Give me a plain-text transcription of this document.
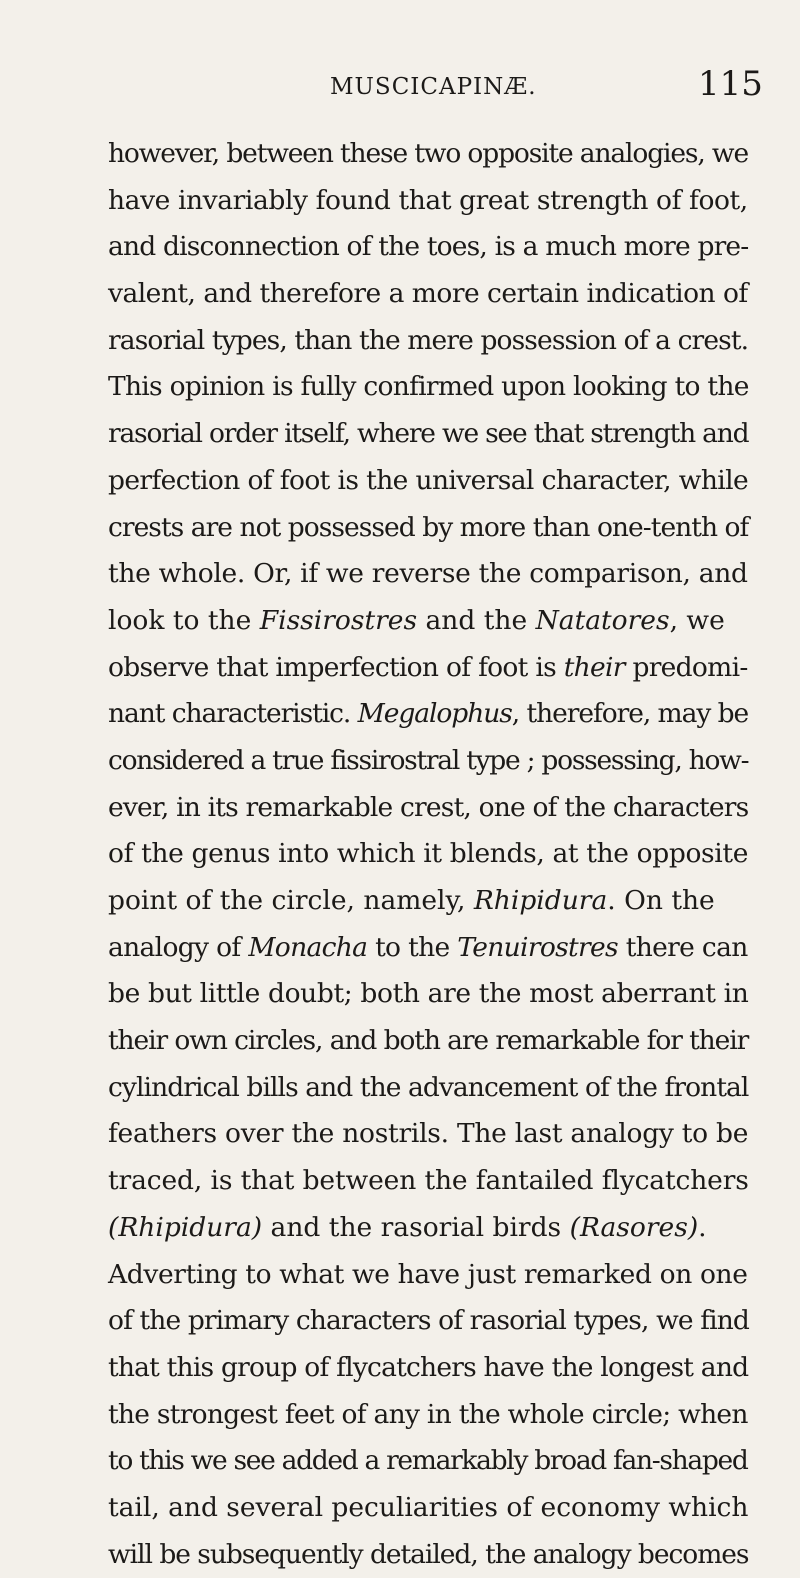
MUSCICAPINÆ.	115
however, between these two opposite analogies, we
have invariably found that great strength of foot,
and disconnection of the toes, is a much more pre-
valent, and therefore a more certain indication of
rasorial types, than the mere possession of a crest.
This opinion is fully confirmed upon looking to the
rasorial order itself, where we see that strength and
perfection of foot is the universal character, while
crests are not possessed by more than one-tenth of
the whole. Or, if we reverse the comparison, and
look to the Fissirostres and the Natatores, we
observe that imperfection of foot is their predomi-
nant characteristic. Megalophus, therefore, may be
considered a true fissirostral type ; possessing, how-
ever, in its remarkable crest, one of the characters
of the genus into which it blends, at the opposite
point of the circle, namely, Rhipidura. On the
analogy of Monacha to the Tenuirostres there can
be but little doubt; both are the most aberrant in
their own circles, and both are remarkable for their
cylindrical bills and the advancement of the frontal
feathers over the nostrils. The last analogy to be
traced, is that between the fantailed flycatchers
(Rhipidura) and the rasorial birds (Rasores).
Adverting to what we have just remarked on one
of the primary characters of rasorial types, we find
that this group of flycatchers have the longest and
the strongest feet of any in the whole circle; when
to this we see added a remarkably broad fan-shaped
tail, and several peculiarities of economy which
will be subsequently detailed, the analogy becomes
